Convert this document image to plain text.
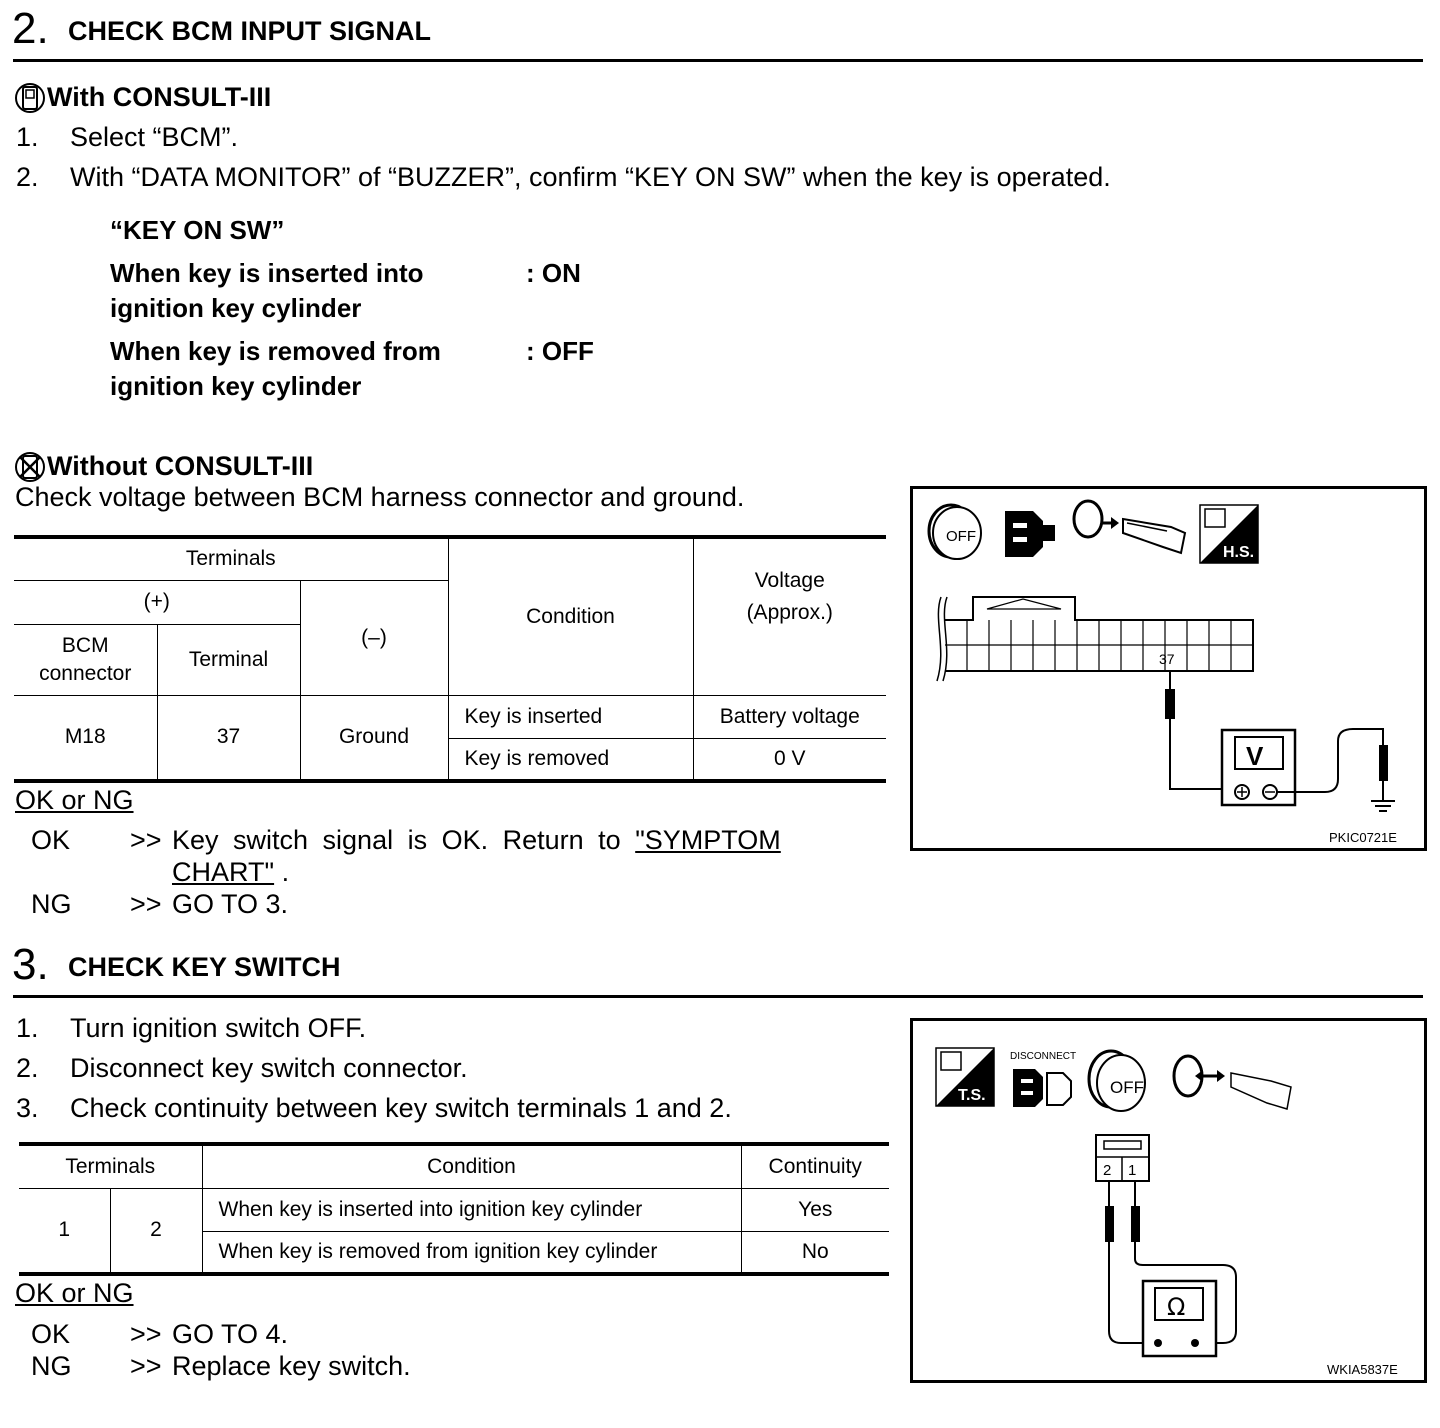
2. CHECK BCM INPUT SIGNAL
With CONSULT-III
1. Select “BCM”.
2. With “DATA MONITOR” of “BUZZER”, confirm “KEY ON SW” when the key is operated.
“KEY ON SW”
When key is inserted into
ignition key cylinder
: ON
When key is removed from
ignition key cylinder
: OFF
Without CONSULT-III
Check voltage between BCM harness connector and ground.
Terminals			Condition	Voltage
(Approx.)

(+)		(–)		

BCM
connector	Terminal			
M18	37	Ground	Key is inserted	Battery voltage
			Key is removed	0 V
OK or NG
OK >> Key switch signal is OK. Return to "SYMPTOM
CHART" .
NG >> GO TO 3.
OFF
H.S.
37
V
PKIC0721E
3. CHECK KEY SWITCH
1. Turn ignition switch OFF.
2. Disconnect key switch connector.
3. Check continuity between key switch terminals 1 and 2.
Terminals		Condition	Continuity
1	2	When key is inserted into ignition key cylinder	Yes
		When key is removed from ignition key cylinder	No
OK or NG
OK >> GO TO 4.
NG >> Replace key switch.
T.S.
DISCONNECT
OFF
2 1
Ω
WKIA5837E
